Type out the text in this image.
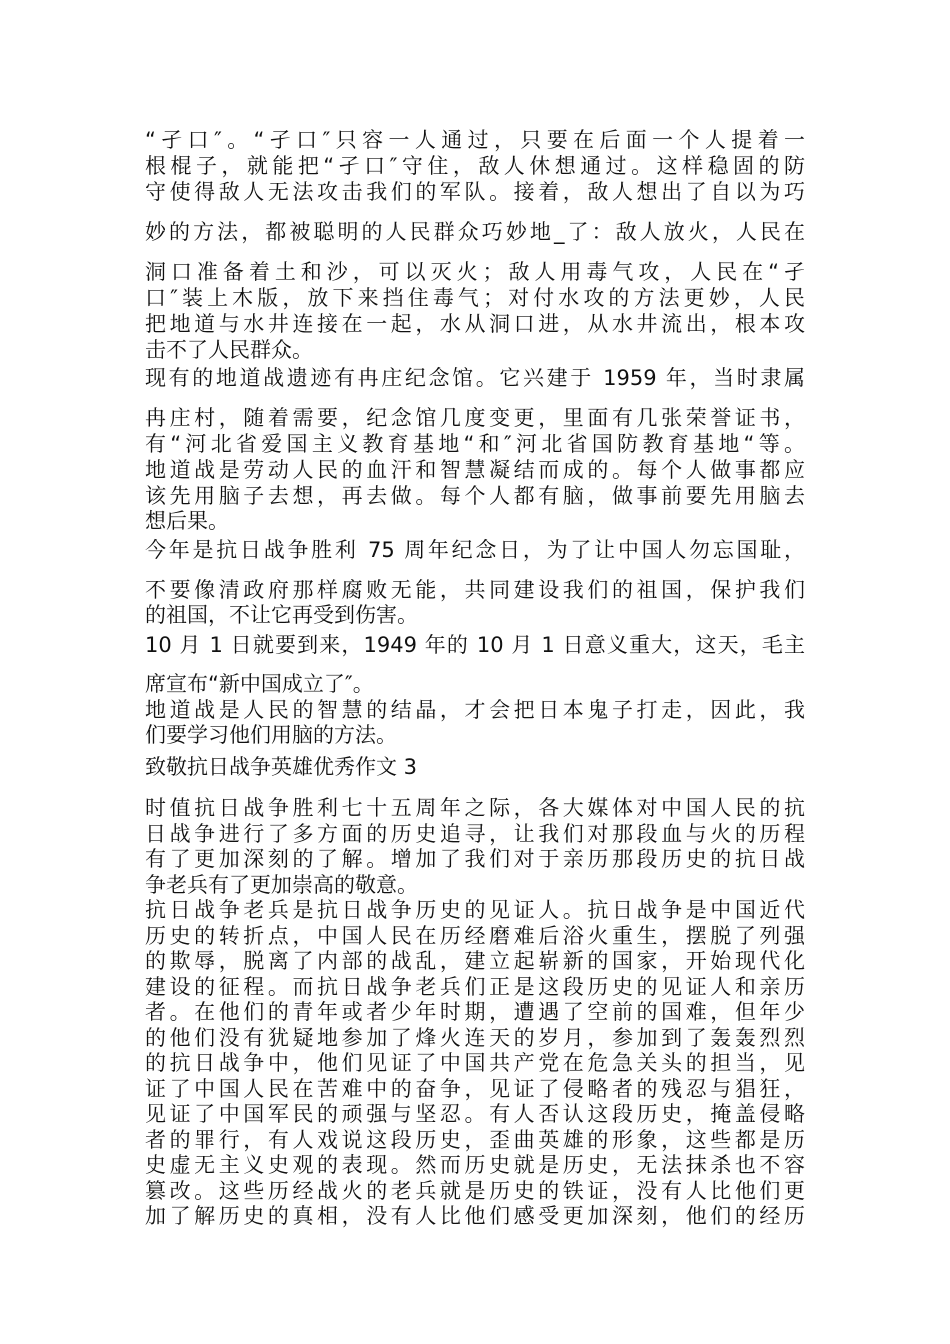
“孑口″。“孑口″只容一人通过，只要在后面一个人提着一
根棍子，就能把“孑口″守住，敌人休想通过。这样稳固的防
守使得敌人无法攻击我们的军队。接着，敌人想出了自以为巧
妙的方法，都被聪明的人民群众巧妙地_了：敌人放火，人民在
洞口准备着土和沙，可以灭火；敌人用毒气攻，人民在“孑
口″装上木版，放下来挡住毒气；对付水攻的方法更妙，人民
把地道与水井连接在一起，水从洞口进，从水井流出，根本攻
击不了人民群众。
现有的地道战遗迹有冉庄纪念馆。它兴建于 1959 年，当时隶属
冉庄村，随着需要，纪念馆几度变更，里面有几张荣誉证书，
有“河北省爱国主义教育基地“和″河北省国防教育基地“等。
地道战是劳动人民的血汗和智慧凝结而成的。每个人做事都应
该先用脑子去想，再去做。每个人都有脑，做事前要先用脑去
想后果。
今年是抗日战争胜利 75 周年纪念日，为了让中国人勿忘国耻，
不要像清政府那样腐败无能，共同建设我们的祖国，保护我们
的祖国，不让它再受到伤害。
10 月 1 日就要到来，1949 年的 10 月 1 日意义重大，这天，毛主
席宣布“新中国成立了″。
地道战是人民的智慧的结晶，才会把日本鬼子打走，因此，我
们要学习他们用脑的方法。
致敬抗日战争英雄优秀作文 3
时值抗日战争胜利七十五周年之际，各大媒体对中国人民的抗
日战争进行了多方面的历史追寻，让我们对那段血与火的历程
有了更加深刻的了解。增加了我们对于亲历那段历史的抗日战
争老兵有了更加崇高的敬意。
抗日战争老兵是抗日战争历史的见证人。抗日战争是中国近代
历史的转折点，中国人民在历经磨难后浴火重生，摆脱了列强
的欺辱，脱离了内部的战乱，建立起崭新的国家，开始现代化
建设的征程。而抗日战争老兵们正是这段历史的见证人和亲历
者。在他们的青年或者少年时期，遭遇了空前的国难，但年少
的他们没有犹疑地参加了烽火连天的岁月，参加到了轰轰烈烈
的抗日战争中，他们见证了中国共产党在危急关头的担当，见
证了中国人民在苦难中的奋争，见证了侵略者的残忍与猖狂，
见证了中国军民的顽强与坚忍。有人否认这段历史，掩盖侵略
者的罪行，有人戏说这段历史，歪曲英雄的形象，这些都是历
史虚无主义史观的表现。然而历史就是历史，无法抹杀也不容
篡改。这些历经战火的老兵就是历史的铁证，没有人比他们更
加了解历史的真相，没有人比他们感受更加深刻，他们的经历
